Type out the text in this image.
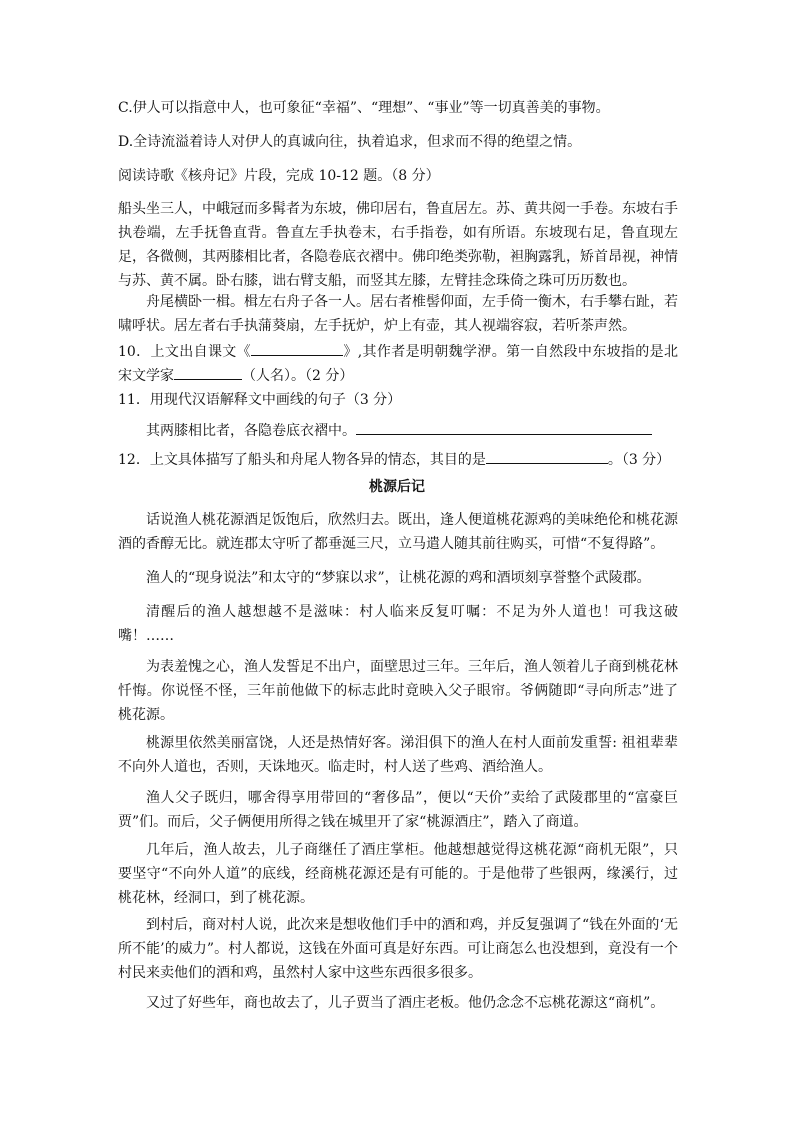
C.伊人可以指意中人，也可象征“幸福”、“理想”、“事业”等一切真善美的事物。
D.全诗流溢着诗人对伊人的真诚向往，执着追求，但求而不得的绝望之情。
阅读诗歌《核舟记》片段，完成 10-12 题。（8 分）
船头坐三人，中峨冠而多髯者为东坡，佛印居右，鲁直居左。苏、黄共阅一手卷。东坡右手执卷端，左手抚鲁直背。鲁直左手执卷末，右手指卷，如有所语。东坡现右足，鲁直现左足，各微侧，其两膝相比者，各隐卷底衣褶中。佛印绝类弥勒，袒胸露乳，矫首昂视，神情与苏、黄不属。卧右膝，诎右臂支船，而竖其左膝，左臂挂念珠倚之珠可历历数也。
舟尾横卧一楫。楫左右舟子各一人。居右者椎髻仰面，左手倚一衡木，右手攀右趾，若啸呼状。居左者右手执蒲葵扇，左手抚炉，炉上有壶，其人视端容寂，若听茶声然。
10．上文出自课文《	》,其作者是明朝魏学洢。第一自然段中东坡指的是北宋文学家	（人名）。（2 分）
11．用现代汉语解释文中画线的句子（3 分）
其两膝相比者，各隐卷底衣褶中。
12．上文具体描写了船头和舟尾人物各异的情态，其目的是	。（3 分）
桃源后记
话说渔人桃花源酒足饭饱后，欣然归去。既出，逢人便道桃花源鸡的美味绝伦和桃花源酒的香醇无比。就连郡太守听了都垂涎三尺，立马遣人随其前往购买，可惜“不复得路”。
渔人的“现身说法”和太守的“梦寐以求”，让桃花源的鸡和酒顷刻享誉整个武陵郡。
清醒后的渔人越想越不是滋味：村人临来反复叮嘱：不足为外人道也！可我这破嘴！……
为表羞愧之心，渔人发誓足不出户，面壁思过三年。三年后，渔人领着儿子商到桃花林忏悔。你说怪不怪，三年前他做下的标志此时竟映入父子眼帘。爷俩随即“寻向所志”进了桃花源。
桃源里依然美丽富饶，人还是热情好客。涕泪俱下的渔人在村人面前发重誓: 祖祖辈辈不向外人道也，否则，天诛地灭。临走时，村人送了些鸡、酒给渔人。
渔人父子既归，哪舍得享用带回的“奢侈品”，便以“天价”卖给了武陵郡里的“富豪巨贾”们。而后，父子俩便用所得之钱在城里开了家“桃源酒庄”，踏入了商道。
几年后，渔人故去，儿子商继任了酒庄掌柜。他越想越觉得这桃花源“商机无限”，只要坚守“不向外人道”的底线，经商桃花源还是有可能的。于是他带了些银两，缘溪行，过桃花林，经洞口，到了桃花源。
到村后，商对村人说，此次来是想收他们手中的酒和鸡，并反复强调了“钱在外面的‘无所不能’的威力”。村人都说，这钱在外面可真是好东西。可让商怎么也没想到，竟没有一个村民来卖他们的酒和鸡，虽然村人家中这些东西很多很多。
又过了好些年，商也故去了，儿子贾当了酒庄老板。他仍念念不忘桃花源这“商机”。
